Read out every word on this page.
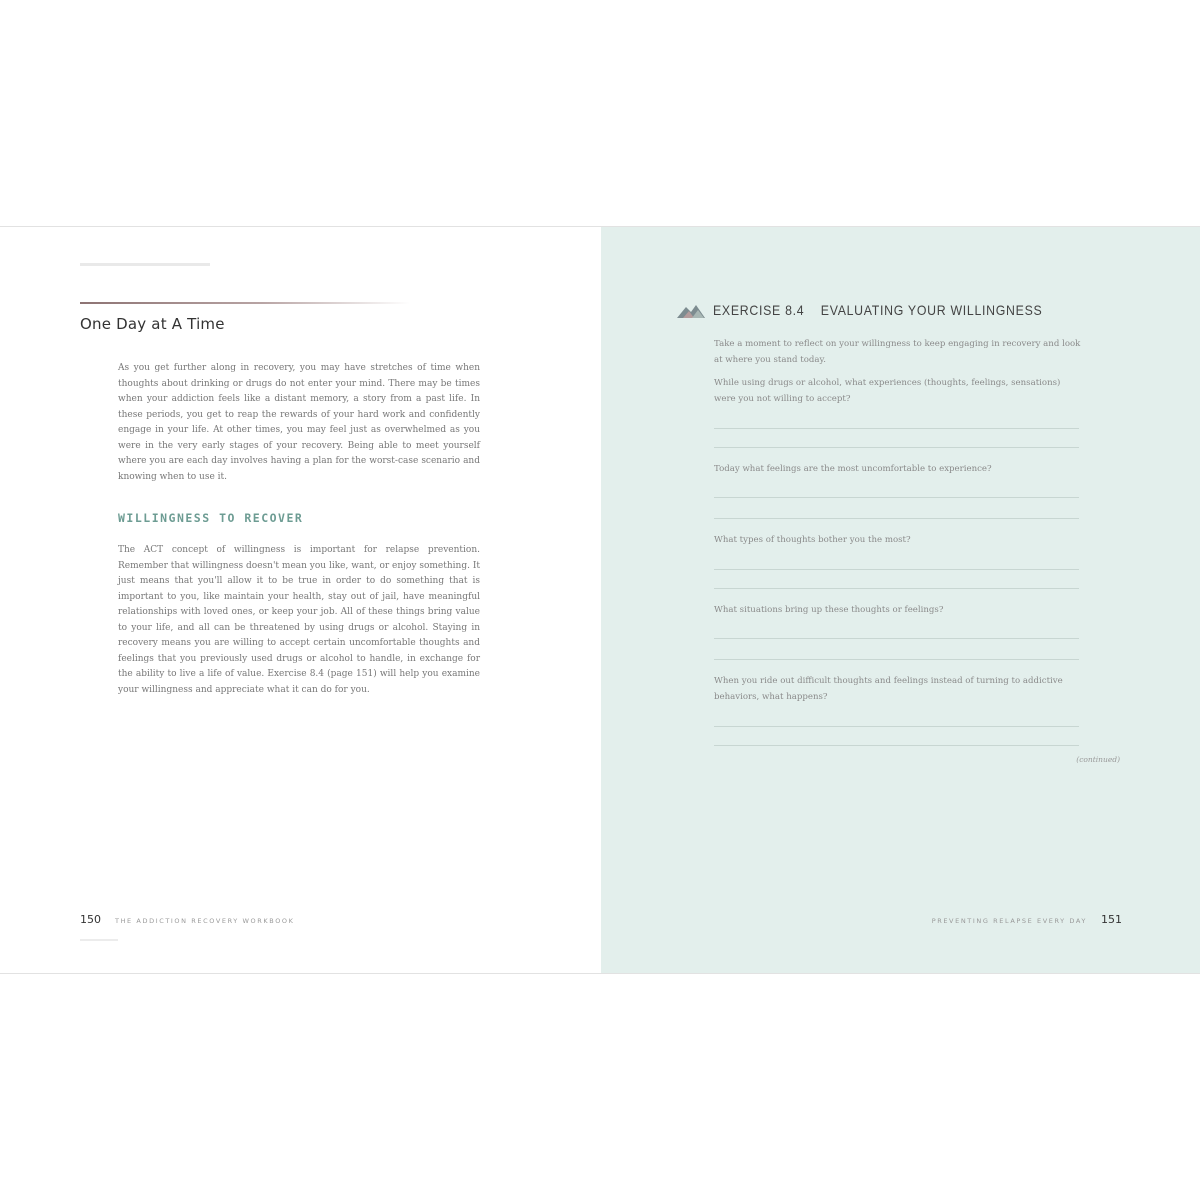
One Day at A Time

As you get further along in recovery, you may have stretches of time when thoughts about drinking or drugs do not enter your mind. There may be times when your addiction feels like a distant memory, a story from a past life. In these periods, you get to reap the rewards of your hard work and confidently engage in your life. At other times, you may feel just as overwhelmed as you were in the very early stages of your recovery. Being able to meet yourself where you are each day involves having a plan for the worst-case scenario and knowing when to use it.

WILLINGNESS TO RECOVER

The ACT concept of willingness is important for relapse prevention. Remember that willingness doesn't mean you like, want, or enjoy something. It just means that you'll allow it to be true in order to do something that is important to you, like maintain your health, stay out of jail, have meaningful relationships with loved ones, or keep your job. All of these things bring value to your life, and all can be threatened by using drugs or alcohol. Staying in recovery means you are willing to accept certain uncomfortable thoughts and feelings that you previously used drugs or alcohol to handle, in exchange for the ability to live a life of value. Exercise 8.4 (page 151) will help you examine your willingness and appreciate what it can do for you.

150 THE ADDICTION RECOVERY WORKBOOK
EXERCISE 8.4 EVALUATING YOUR WILLINGNESS

Take a moment to reflect on your willingness to keep engaging in recovery and look at where you stand today.

While using drugs or alcohol, what experiences (thoughts, feelings, sensations) were you not willing to accept?

Today what feelings are the most uncomfortable to experience?

What types of thoughts bother you the most?

What situations bring up these thoughts or feelings?

When you ride out difficult thoughts and feelings instead of turning to addictive behaviors, what happens?

(continued)
PREVENTING RELAPSE EVERY DAY 151
